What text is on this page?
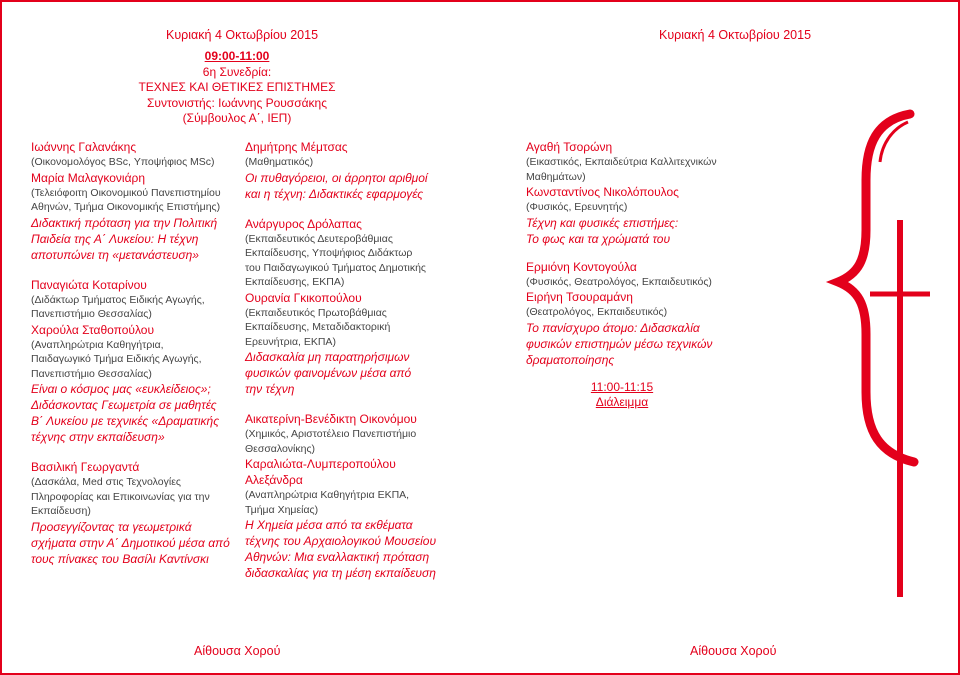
Κυριακή 4 Οκτωβρίου 2015	Κυριακή 4 Οκτωβρίου 2015
09:00-11:00
6η Συνεδρία:
ΤΕΧΝΕΣ ΚΑΙ ΘΕΤΙΚΕΣ ΕΠΙΣΤΗΜΕΣ
Συντονιστής: Ιωάννης Ρουσσάκης
(Σύμβουλος Α΄, ΙΕΠ)

Ιωάννης Γαλανάκης

(Οικονομολόγος BSc, Υποψήφιος MSc)

Μαρία Μαλαγκονιάρη

(Τελειόφοιτη Οικονομικού Πανεπιστημίου

Αθηνών, Τμήμα Οικονομικής Επιστήμης)

Διδακτική πρόταση για την Πολιτική

Παιδεία της Α΄ Λυκείου: Η τέχνη

αποτυπώνει τη «μετανάστευση»

Παναγιώτα Κοταρίνου

(Διδάκτωρ Τμήματος Ειδικής Αγωγής,

Πανεπιστήμιο Θεσσαλίας)

Χαρούλα Σταθοπούλου

(Αναπληρώτρια Καθηγήτρια,

Παιδαγωγικό Τμήμα Ειδικής Αγωγής,

Πανεπιστήμιο Θεσσαλίας)

Είναι ο κόσμος μας «ευκλείδειος»;

Διδάσκοντας Γεωμετρία σε μαθητές

Β΄ Λυκείου με τεχνικές «Δραματικής

τέχνης στην εκπαίδευση»

Βασιλική Γεωργαντά

(Δασκάλα, Med στις Τεχνολογίες

Πληροφορίας και Επικοινωνίας για την

Εκπαίδευση)

Προσεγγίζοντας τα γεωμετρικά

σχήματα στην Α΄ Δημοτικού μέσα από

τους πίνακες του Βασίλι Καντίνσκι

Δημήτρης Μέμτσας

(Μαθηματικός)

Οι πυθαγόρειοι, οι άρρητοι αριθμοί

και η τέχνη: Διδακτικές εφαρμογές

Ανάργυρος Δρόλαπας

(Εκπαιδευτικός Δευτεροβάθμιας

Εκπαίδευσης, Υποψήφιος Διδάκτωρ

του Παιδαγωγικού Τμήματος Δημοτικής

Εκπαίδευσης, ΕΚΠΑ)

Ουρανία Γκικοπούλου

(Εκπαιδευτικός Πρωτοβάθμιας

Εκπαίδευσης, Μεταδιδακτορική

Ερευνήτρια, ΕΚΠΑ)

Διδασκαλία μη παρατηρήσιμων

φυσικών φαινομένων μέσα από

την τέχνη

Αικατερίνη-Βενέδικτη Οικονόμου

(Χημικός, Αριστοτέλειο Πανεπιστήμιο

Θεσσαλονίκης)

Καραλιώτα-Λυμπεροπούλου

Αλεξάνδρα

(Αναπληρώτρια Καθηγήτρια ΕΚΠΑ,

Τμήμα Χημείας)

Η Χημεία μέσα από τα εκθέματα

τέχνης του Αρχαιολογικού Μουσείου

Αθηνών: Μια εναλλακτική πρόταση

διδασκαλίας για τη μέση εκπαίδευση

Αγαθή Τσορώνη

(Εικαστικός, Εκπαιδεύτρια Καλλιτεχνικών

Μαθημάτων)

Κωνσταντίνος Νικολόπουλος

(Φυσικός, Ερευνητής)

Τέχνη και φυσικές επιστήμες:

Το φως και τα χρώματά του

Ερμιόνη Κοντογούλα

(Φυσικός, Θεατρολόγος, Εκπαιδευτικός)

Ειρήνη Τσουραμάνη

(Θεατρολόγος, Εκπαιδευτικός)

Το πανίσχυρο άτομο: Διδασκαλία

φυσικών επιστημών μέσω τεχνικών

δραματοποίησης

11:00-11:15
Διάλειμμα
Αίθουσα Χορού	Αίθουσα Χορού
